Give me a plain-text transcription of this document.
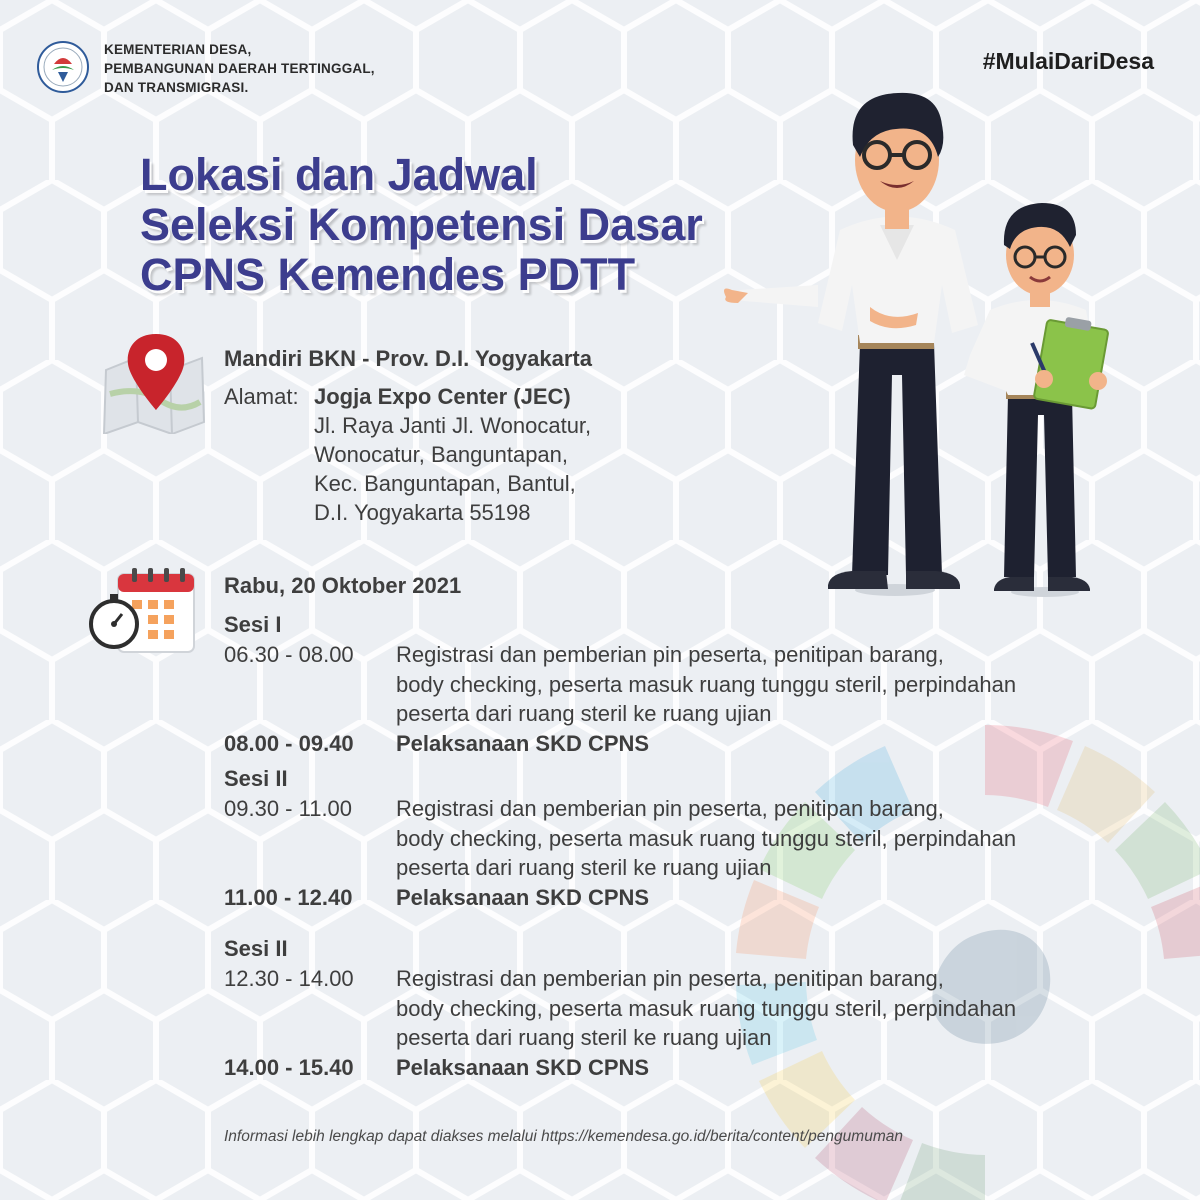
KEMENTERIAN DESA,
PEMBANGUNAN DAERAH TERTINGGAL,
DAN TRANSMIGRASI.
#MulaiDariDesa
Lokasi dan Jadwal
Seleksi Kompetensi Dasar
CPNS Kemendes PDTT
Mandiri BKN - Prov. D.I. Yogyakarta
Alamat: Jogja Expo Center (JEC)
Jl. Raya Janti Jl. Wonocatur,
Wonocatur, Banguntapan,
Kec. Banguntapan, Bantul,
D.I. Yogyakarta 55198
Rabu, 20 Oktober 2021
Sesi I
06.30 - 08.00	Registrasi dan pemberian pin peserta, penitipan barang,
body checking, peserta masuk ruang tunggu steril, perpindahan
peserta dari ruang steril ke ruang ujian
08.00 - 09.40	Pelaksanaan SKD CPNS
Sesi II
09.30 - 11.00	Registrasi dan pemberian pin peserta, penitipan barang,
body checking, peserta masuk ruang tunggu steril, perpindahan
peserta dari ruang steril ke ruang ujian
11.00 - 12.40	Pelaksanaan SKD CPNS
Sesi II
12.30 - 14.00	Registrasi dan pemberian pin peserta, penitipan barang,
body checking, peserta masuk ruang tunggu steril, perpindahan
peserta dari ruang steril ke ruang ujian
14.00 - 15.40	Pelaksanaan SKD CPNS
Informasi lebih lengkap dapat diakses melalui https://kemendesa.go.id/berita/content/pengumuman
